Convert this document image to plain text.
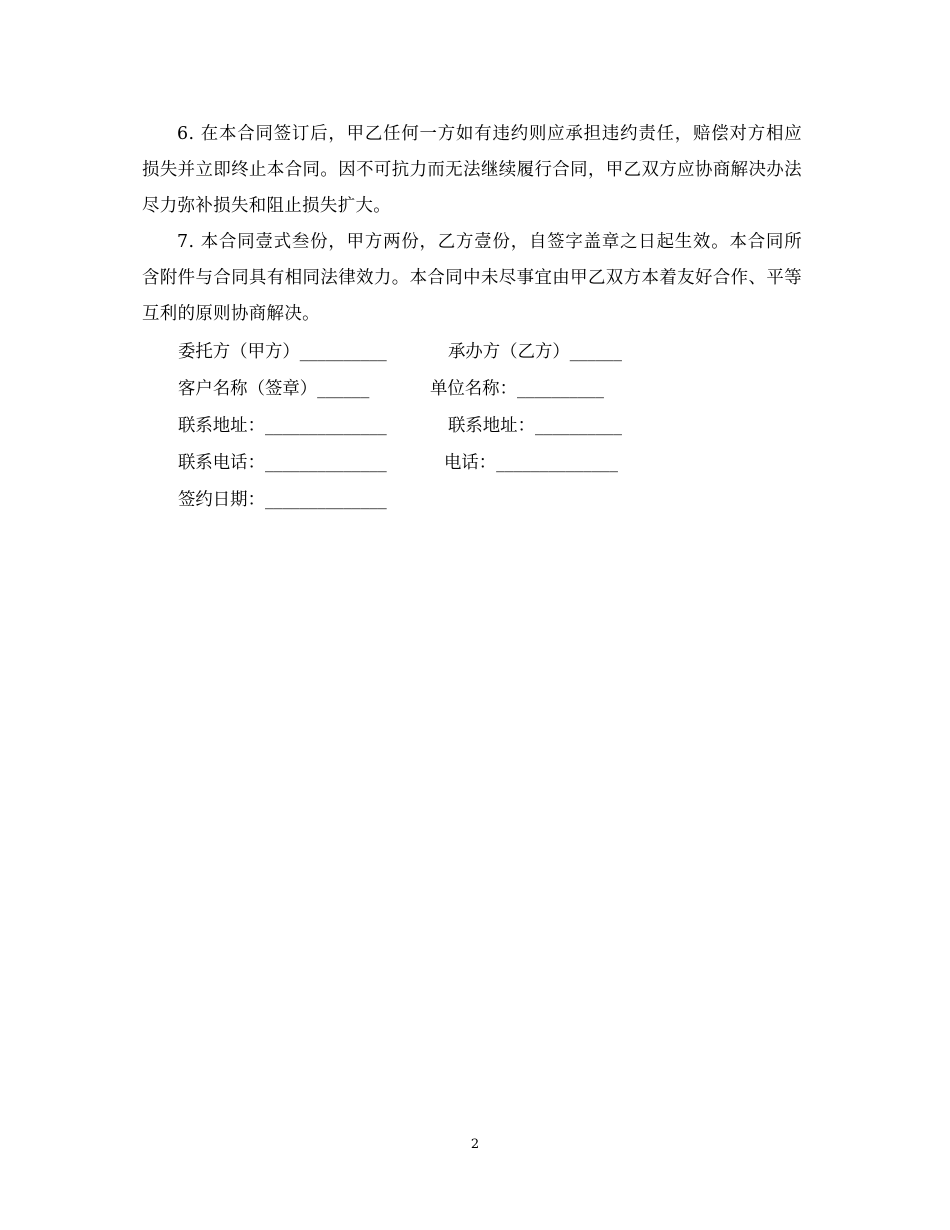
6. 在本合同签订后，甲乙任何一方如有违约则应承担违约责任，赔偿对方相应损失并立即终止本合同。因不可抗力而无法继续履行合同，甲乙双方应协商解决办法尽力弥补损失和阻止损失扩大。

7. 本合同壹式叁份，甲方两份，乙方壹份，自签字盖章之日起生效。本合同所含附件与合同具有相同法律效力。本合同中未尽事宜由甲乙双方本着友好合作、平等互利的原则协商解决。

委托方（甲方）__________	承办方（乙方）______
客户名称（签章）______	单位名称：__________
联系地址：______________	联系地址：__________
联系电话：______________	电话：______________
签约日期：______________
2
